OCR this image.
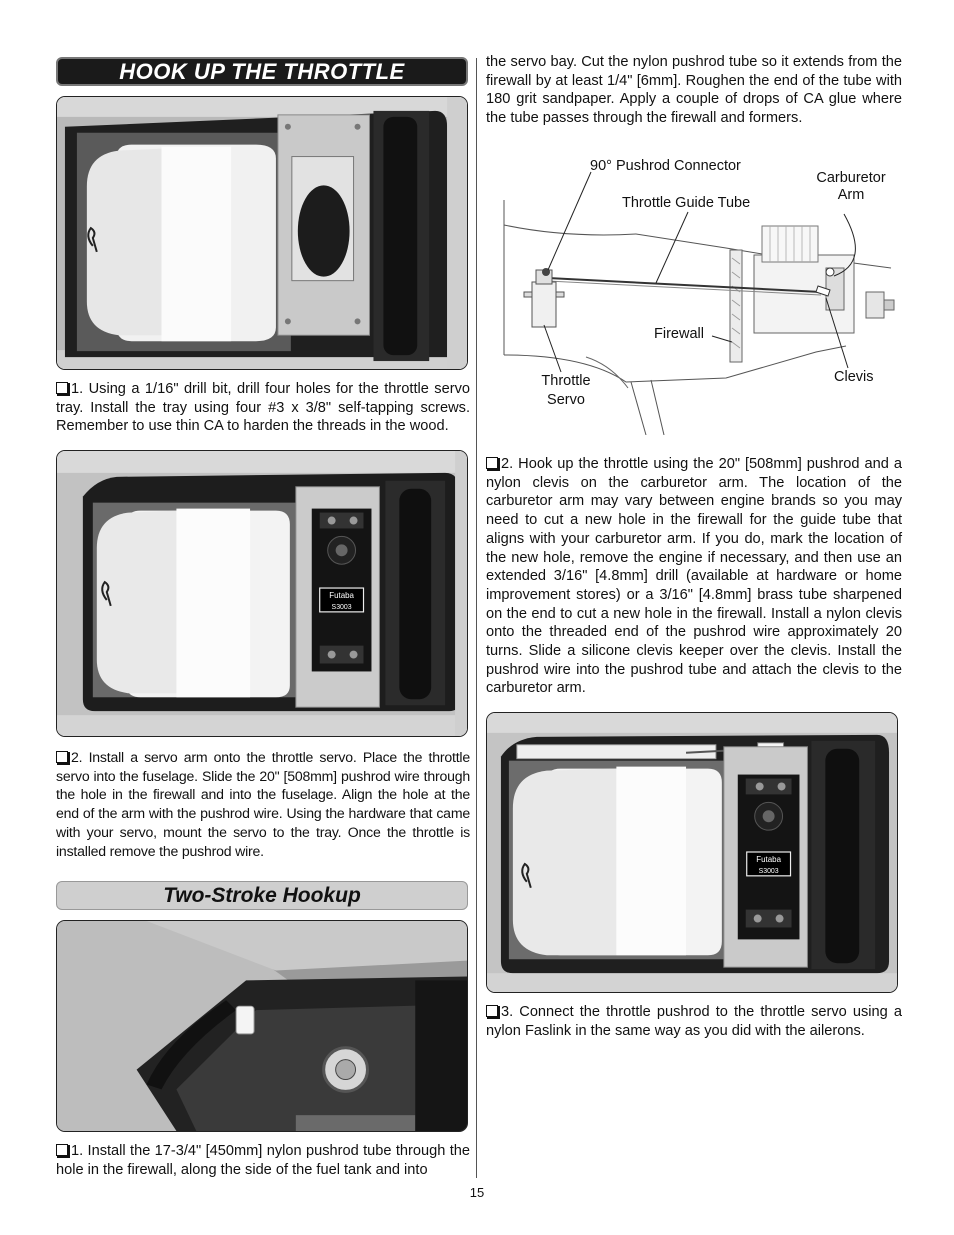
HOOK UP THE THROTTLE
1. Using a 1/16" drill bit, drill four holes for the throttle servo tray. Install the tray using four #3 x 3/8" self-tapping screws. Remember to use thin CA to harden the threads in the wood.
Futaba
S3003
2. Install a servo arm onto the throttle servo. Place the throttle servo into the fuselage. Slide the 20" [508mm] pushrod wire through the hole in the firewall and into the fuselage. Align the hole at the end of the arm with the pushrod wire. Using the hardware that came with your servo, mount the servo to the tray. Once the throttle is installed remove the pushrod wire.
Two-Stroke Hookup
1. Install the 17-3/4" [450mm] nylon pushrod tube through the hole in the firewall, along the side of the fuel tank and into
the servo bay. Cut the nylon pushrod tube so it extends from the firewall by at least 1/4" [6mm]. Roughen the end of the tube with 180 grit sandpaper. Apply a couple of drops of CA glue where the tube passes through the firewall and formers.
90° Pushrod Connector
Throttle Guide Tube
Carburetor
Arm
Firewall
Throttle
Servo
Clevis
2. Hook up the throttle using the 20" [508mm] pushrod and a nylon clevis on the carburetor arm. The location of the carburetor arm may vary between engine brands so you may need to cut a new hole in the firewall for the guide tube that aligns with your carburetor arm. If you do, mark the location of the new hole, remove the engine if necessary, and then use an extended 3/16" [4.8mm] drill (available at hardware or home improvement stores) or a 3/16" [4.8mm] brass tube sharpened on the end to cut a new hole in the firewall. Install a nylon clevis onto the threaded end of the pushrod wire approximately 20 turns. Slide a silicone clevis keeper over the clevis. Install the pushrod wire into the pushrod tube and attach the clevis to the carburetor arm.
Futaba
S3003
3. Connect the throttle pushrod to the throttle servo using a nylon Faslink in the same way as you did with the ailerons.
15
